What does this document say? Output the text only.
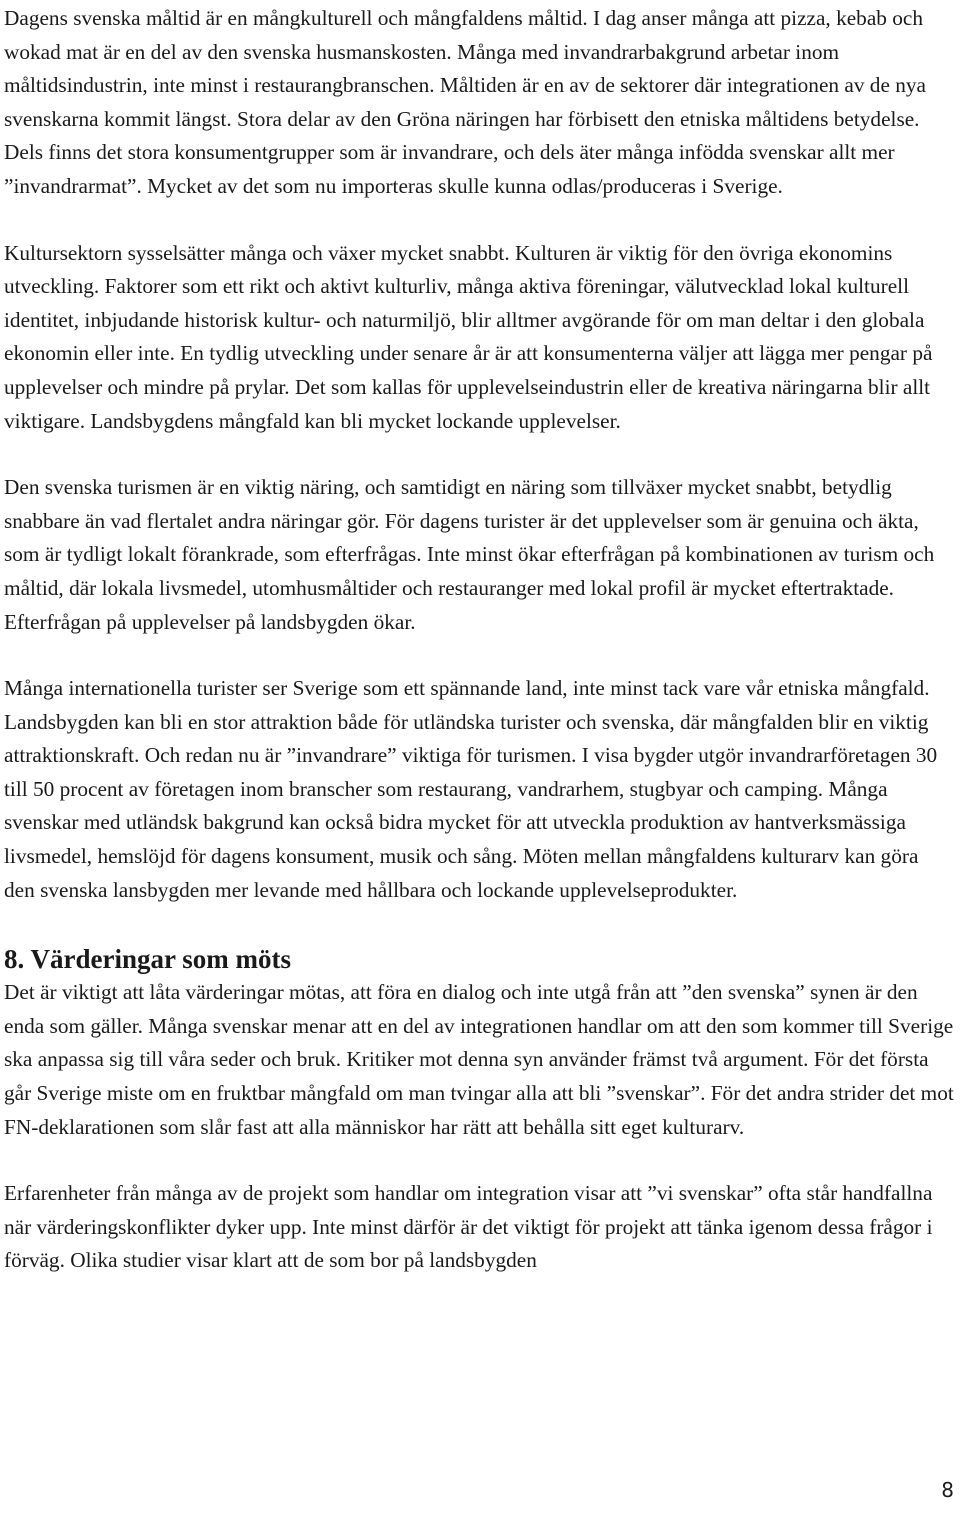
Dagens svenska måltid är en mångkulturell och mångfaldens måltid. I dag anser många att pizza, kebab och wokad mat är en del av den svenska husmanskosten. Många med invandrarbakgrund arbetar inom måltidsindustrin, inte minst i restaurangbranschen. Måltiden är en av de sektorer där integrationen av de nya svenskarna kommit längst. Stora delar av den Gröna näringen har förbisett den etniska måltidens betydelse. Dels finns det stora konsumentgrupper som är invandrare, och dels äter många infödda svenskar allt mer ”invandrarmat”. Mycket av det som nu importeras skulle kunna odlas/produceras i Sverige.

Kultursektorn sysselsätter många och växer mycket snabbt. Kulturen är viktig för den övriga ekonomins utveckling. Faktorer som ett rikt och aktivt kulturliv, många aktiva föreningar, välutvecklad lokal kulturell identitet, inbjudande historisk kultur- och naturmiljö, blir alltmer avgörande för om man deltar i den globala ekonomin eller inte. En tydlig utveckling under senare år är att konsumenterna väljer att lägga mer pengar på upplevelser och mindre på prylar. Det som kallas för upplevelseindustrin eller de kreativa näringarna blir allt viktigare. Landsbygdens mångfald kan bli mycket lockande upplevelser.

Den svenska turismen är en viktig näring, och samtidigt en näring som tillväxer mycket snabbt, betydlig snabbare än vad flertalet andra näringar gör. För dagens turister är det upplevelser som är genuina och äkta, som är tydligt lokalt förankrade, som efterfrågas. Inte minst ökar efterfrågan på kombinationen av turism och måltid, där lokala livsmedel, utomhusmåltider och restauranger med lokal profil är mycket eftertraktade. Efterfrågan på upplevelser på landsbygden ökar.

Många internationella turister ser Sverige som ett spännande land, inte minst tack vare vår etniska mångfald. Landsbygden kan bli en stor attraktion både för utländska turister och svenska, där mångfalden blir en viktig attraktionskraft. Och redan nu är ”invandrare” viktiga för turismen. I visa bygder utgör invandrarföretagen 30 till 50 procent av företagen inom branscher som restaurang, vandrarhem, stugbyar och camping. Många svenskar med utländsk bakgrund kan också bidra mycket för att utveckla produktion av hantverksmässiga livsmedel, hemslöjd för dagens konsument, musik och sång. Möten mellan mångfaldens kulturarv kan göra den svenska lansbygden mer levande med hållbara och lockande upplevelseprodukter.

8. Värderingar som möts

Det är viktigt att låta värderingar mötas, att föra en dialog och inte utgå från att ”den svenska” synen är den enda som gäller. Många svenskar menar att en del av integrationen handlar om att den som kommer till Sverige ska anpassa sig till våra seder och bruk. Kritiker mot denna syn använder främst två argument. För det första går Sverige miste om en fruktbar mångfald om man tvingar alla att bli ”svenskar”. För det andra strider det mot FN-deklarationen som slår fast att alla människor har rätt att behålla sitt eget kulturarv.

Erfarenheter från många av de projekt som handlar om integration visar att ”vi svenskar” ofta står handfallna när värderingskonflikter dyker upp. Inte minst därför är det viktigt för projekt att tänka igenom dessa frågor i förväg. Olika studier visar klart att de som bor på landsbygden

8
